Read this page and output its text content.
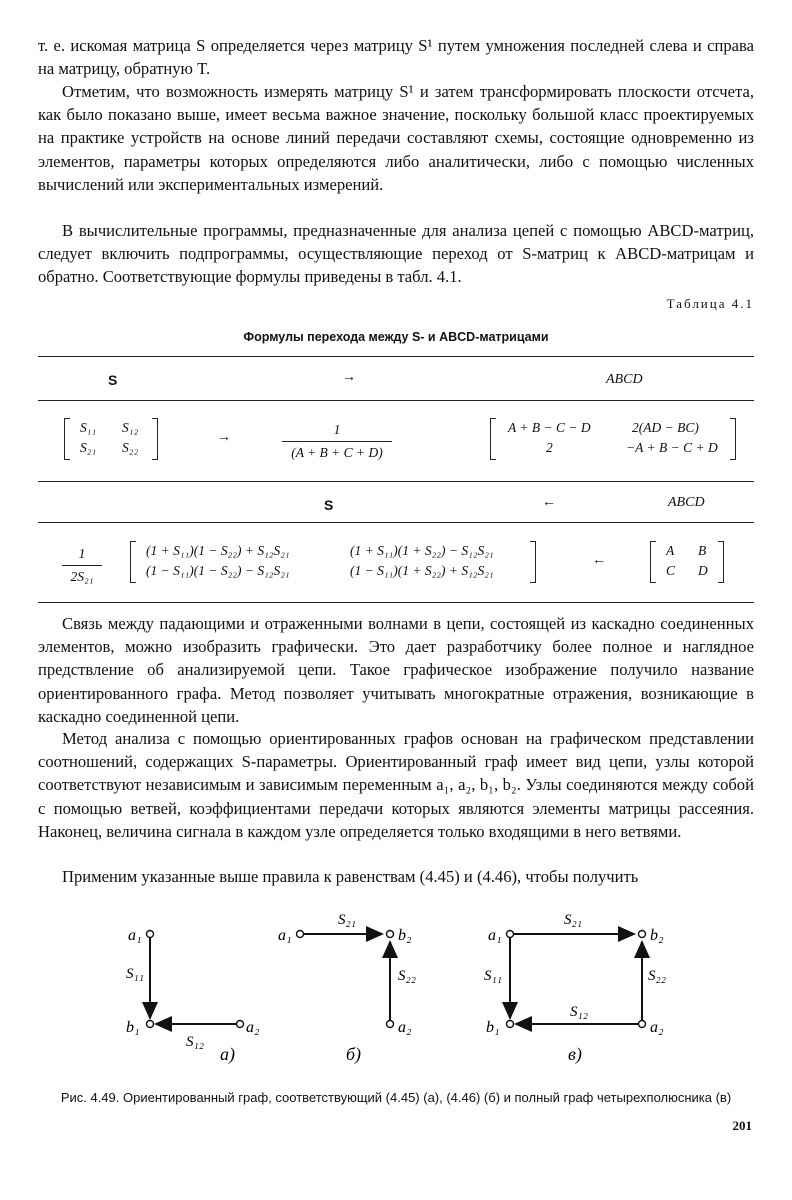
т. е. искомая матрица S определяется через матрицу S¹ путем умножения последней слева и справа на матрицу, обратную T.

Отметим, что возможность измерять матрицу S¹ и затем трансформировать плоскости отсчета, как было показано выше, имеет весьма важное значение, поскольку большой класс проектируемых на практике устройств на основе линий передачи составляют схемы, состоящие одновременно из элементов, параметры которых определяются либо аналитически, либо с помощью численных вычислений или экспериментальных измерений.

В вычислительные программы, предназначенные для анализа цепей с помощью ABCD-матриц, следует включить подпрограммы, осуществляющие переход от S-матриц к ABCD-матрицам и обратно. Соответствующие формулы приведены в табл. 4.1.

Таблица 4.1
Формулы перехода между S- и ABCD-матрицами
S	→	ABCD
S₁₁ S₁₂
S₂₁ S₂₂
→
1
(A + B + C + D)
A + B − C − D	2(AD − BC)
2	−A + B − C + D
S	←	ABCD
1
2S₂₁
(1 + S₁₁)(1 − S₂₂) + S₁₂S₂₁	(1 + S₁₁)(1 + S₂₂) − S₁₂S₂₁
(1 − S₁₁)(1 − S₂₂) − S₁₂S₂₁	(1 − S₁₁)(1 + S₂₂) + S₁₂S₂₁
←
A B
C D

Связь между падающими и отраженными волнами в цепи, состоящей из каскадно соединенных элементов, можно изобразить графически. Это дает разработчику более полное и наглядное предствление об анализируемой цепи. Такое графическое изображение получило название ориентированного графа. Метод позволяет учитывать многократные отражения, возникающие в каскадно соединенной цепи.

Метод анализа с помощью ориентированных графов основан на графическом представлении соотношений, содержащих S-параметры. Ориентированный граф имеет вид цепи, узлы которой соответствуют независимым и зависимым переменным a₁, a₂, b₁, b₂. Узлы соединяются между собой с помощью ветвей, коэффициентами передачи которых являются элементы матрицы рассеяния. Наконец, величина сигнала в каждом узле определяется только входящими в него ветвями.

Применим указанные выше правила к равенствам (4.45) и (4.46), чтобы получить

a₁
S₁₁
b₁	a₂
S₁₂
а)
a₁
S₂₁
b₂
S₂₂
a₂
б)
a₁
S₂₁
b₂
S₁₁	S₂₂
S₁₂
b₁	a₂
в)
Рис. 4.49. Ориентированный граф, соответствующий (4.45) (а), (4.46) (б) и полный граф четырехполюсника (в)
201
